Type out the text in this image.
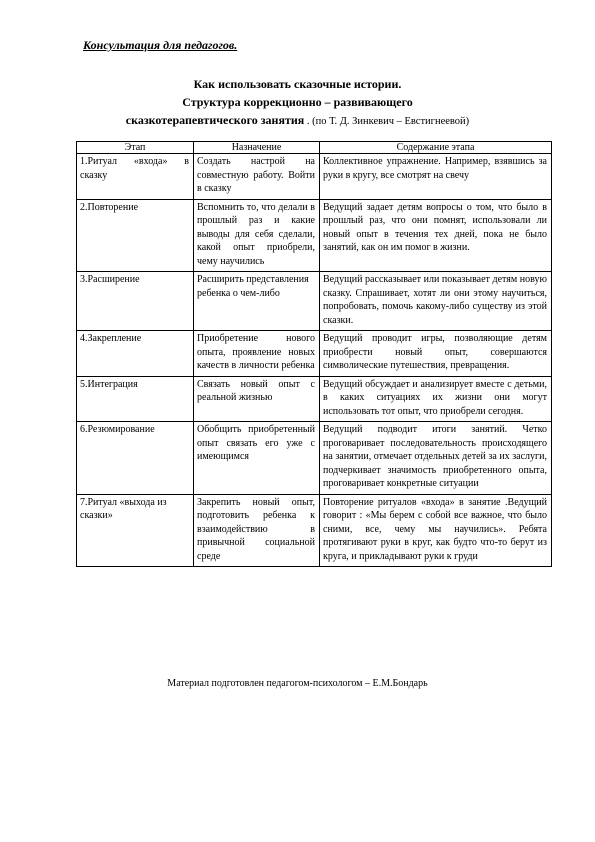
Консультация для педагогов.
Как использовать сказочные истории.
Структура коррекционно – развивающего
сказкотерапевтического занятия . (по Т. Д. Зинкевич – Евстигнеевой)
Этап	Назначение	Содержание этапа
1.Ритуал «входа» в сказку	Создать настрой на совместную работу. Войти в сказку	Коллективное упражнение. Например, взявшись за руки в кругу, все смотрят на свечу
2.Повторение	Вспомнить то, что делали в прошлый раз и какие выводы для себя сделали, какой опыт приобрели, чему научились	Ведущий задает детям вопросы о том, что было в прошлый раз, что они помнят, использовали ли новый опыт в течения тех дней, пока не было занятий, как он им помог в жизни.
3.Расширение	Расширить представления ребенка о чем-либо	Ведущий рассказывает или показывает детям новую сказку. Спрашивает, хотят ли они этому научиться, попробовать, помочь какому-либо существу из этой сказки.
4.Закрепление	Приобретение нового опыта, проявление новых качеств в личности ребенка	Ведущий проводит игры, позволяющие детям приобрести новый опыт, совершаются символические путешествия, превращения.
5.Интеграция	Связать новый опыт с реальной жизнью	Ведущий обсуждает и анализирует вместе с детьми, в каких ситуациях их жизни они могут использовать тот опыт, что приобрели сегодня.
6.Резюмирование	Обобщить приобретенный опыт связать его уже с имеющимся	Ведущий подводит итоги занятий. Четко проговаривает последовательность происходящего на занятии, отмечает отдельных детей за их заслуги, подчеркивает значимость приобретенного опыта, проговаривает конкретные ситуации
7.Ритуал «выхода из сказки»	Закрепить новый опыт, подготовить ребенка к взаимодействию в привычной социальной среде	Повторение ритуалов «входа» в занятие .Ведущий говорит : «Мы берем с собой все важное, что было сними, все, чему мы научились». Ребята протягивают руки в круг, как будто что-то берут из круга, и прикладывают руки к груди
Материал подготовлен педагогом-психологом – Е.М.Бондарь
